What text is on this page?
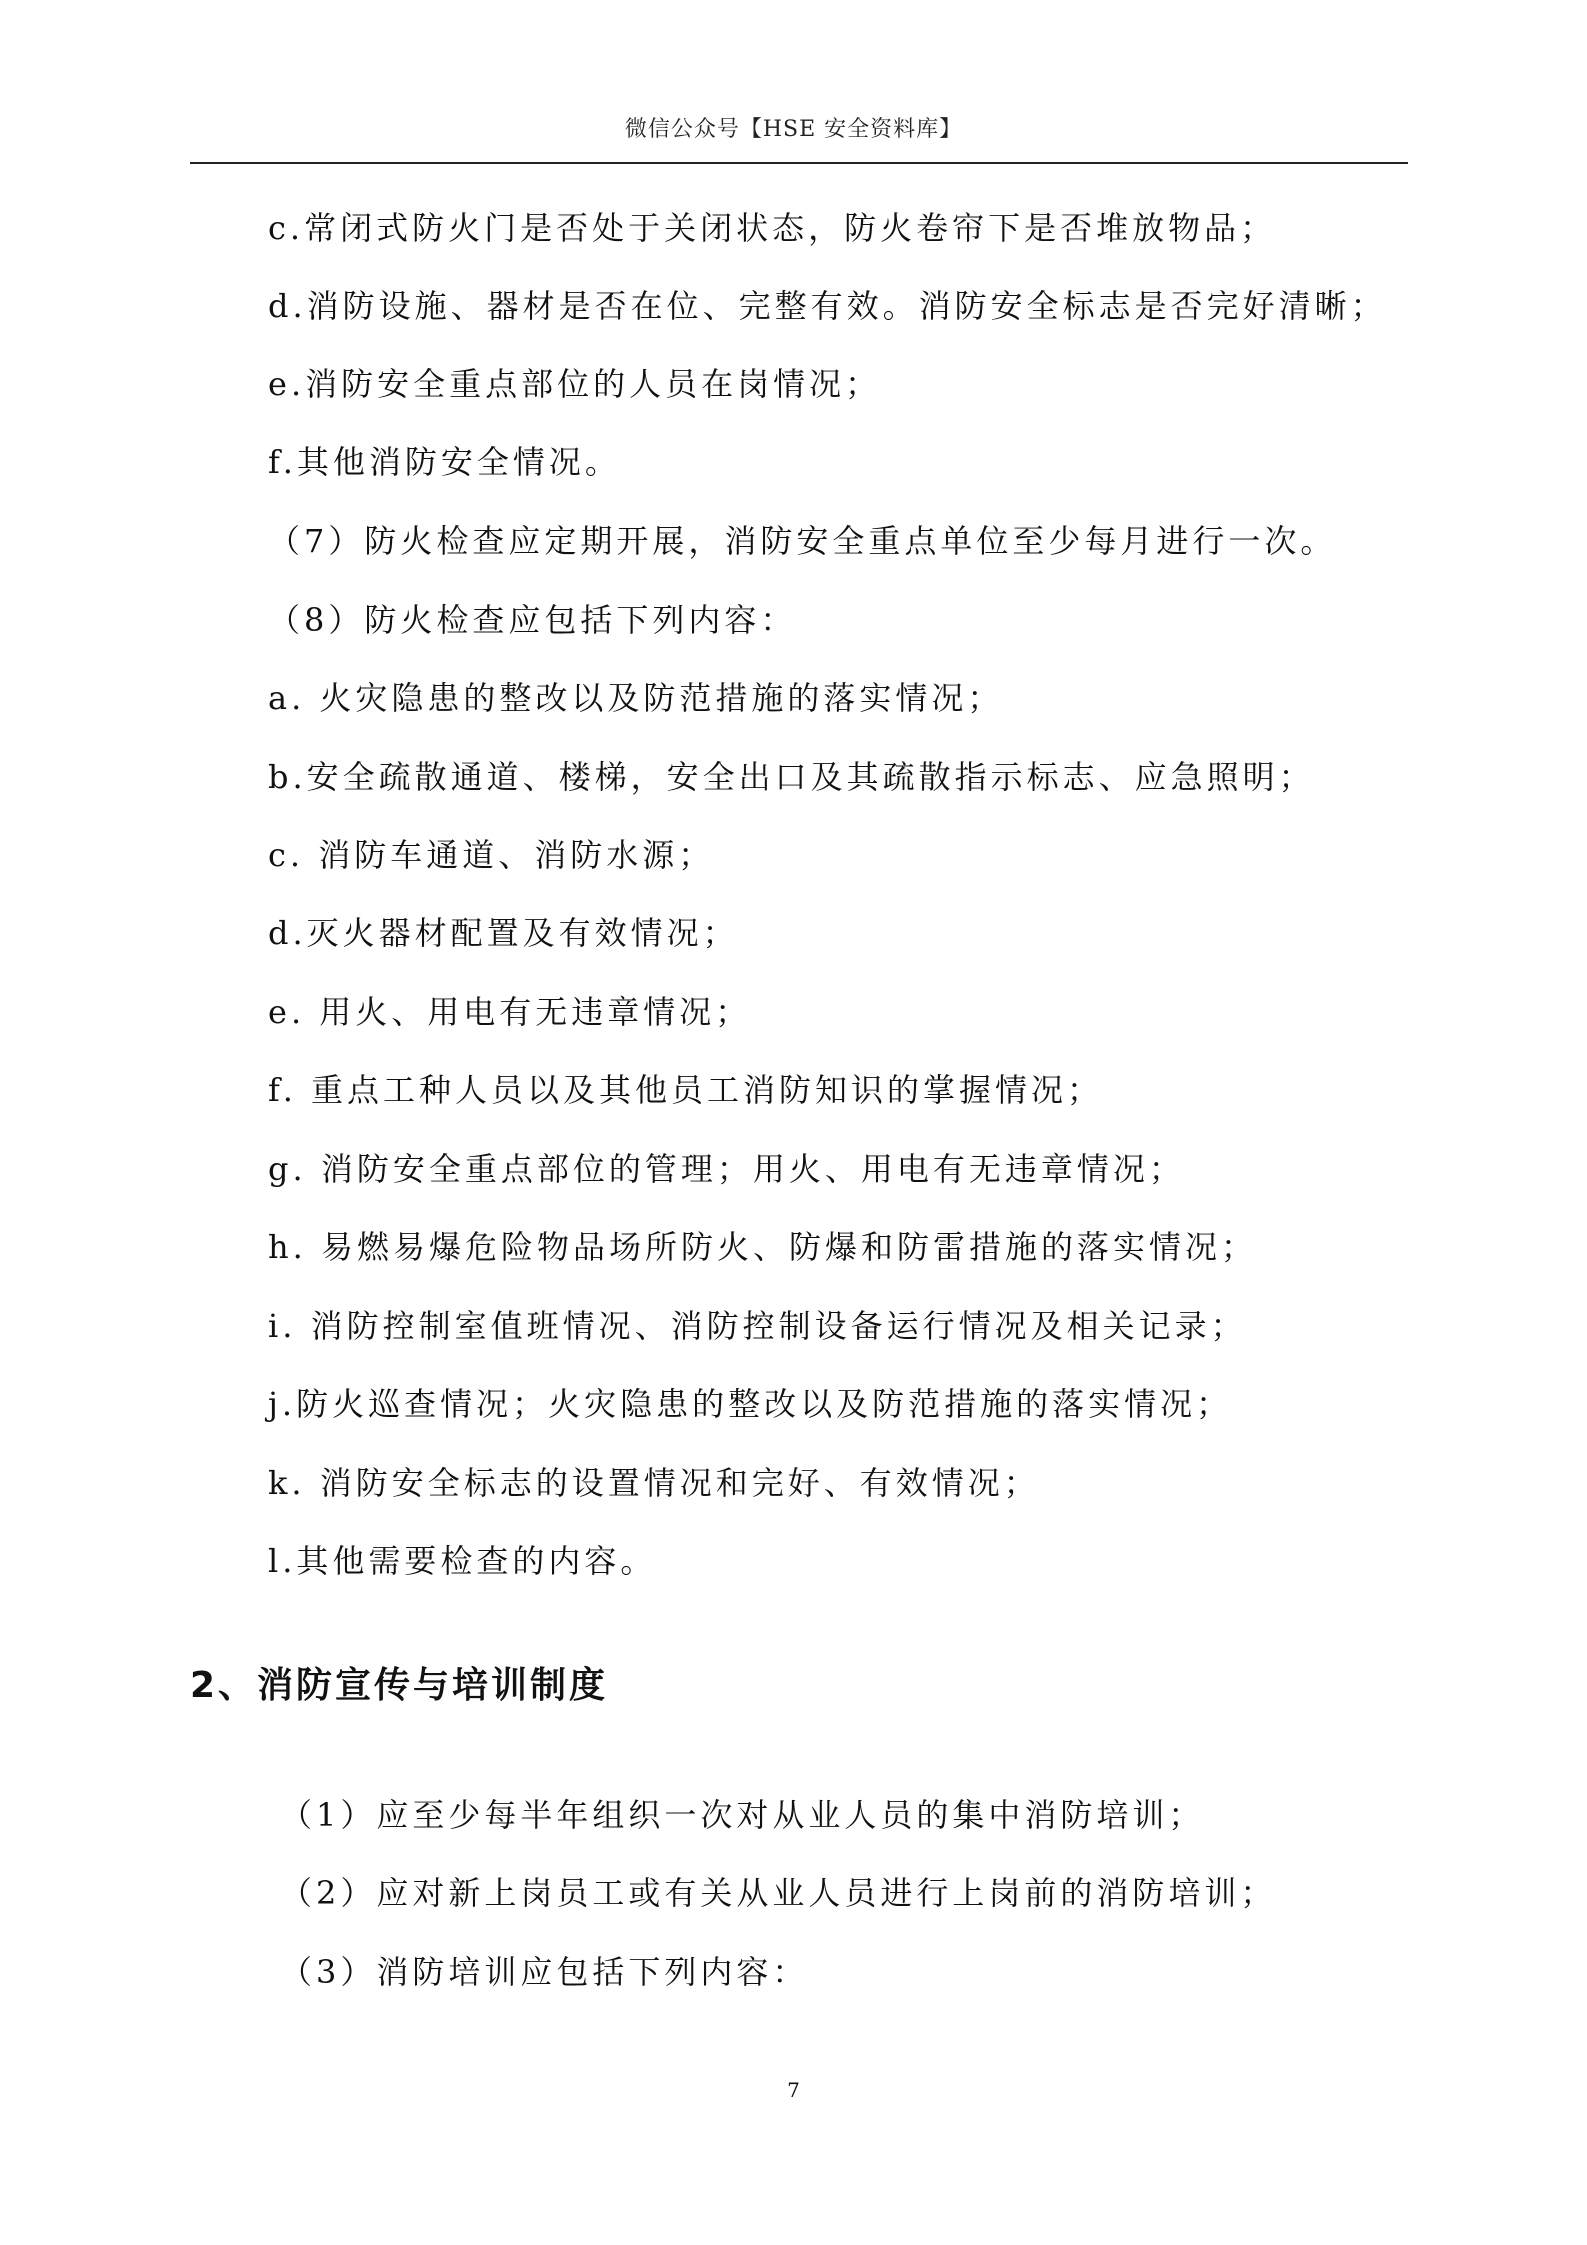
微信公众号【HSE 安全资料库】
c.常闭式防火门是否处于关闭状态，防火卷帘下是否堆放物品；
d.消防设施、器材是否在位、完整有效。消防安全标志是否完好清晰；
e.消防安全重点部位的人员在岗情况；
f.其他消防安全情况。
（7）防火检查应定期开展，消防安全重点单位至少每月进行一次。
（8）防火检查应包括下列内容：
a. 火灾隐患的整改以及防范措施的落实情况；
b.安全疏散通道、楼梯，安全出口及其疏散指示标志、应急照明；
c. 消防车通道、消防水源；
d.灭火器材配置及有效情况；
e. 用火、用电有无违章情况；
f. 重点工种人员以及其他员工消防知识的掌握情况；
g. 消防安全重点部位的管理；用火、用电有无违章情况；
h. 易燃易爆危险物品场所防火、防爆和防雷措施的落实情况；
i. 消防控制室值班情况、消防控制设备运行情况及相关记录；
j.防火巡查情况；火灾隐患的整改以及防范措施的落实情况；
k. 消防安全标志的设置情况和完好、有效情况；
l.其他需要检查的内容。
2、消防宣传与培训制度
（1）应至少每半年组织一次对从业人员的集中消防培训；
（2）应对新上岗员工或有关从业人员进行上岗前的消防培训；
（3）消防培训应包括下列内容：
7
